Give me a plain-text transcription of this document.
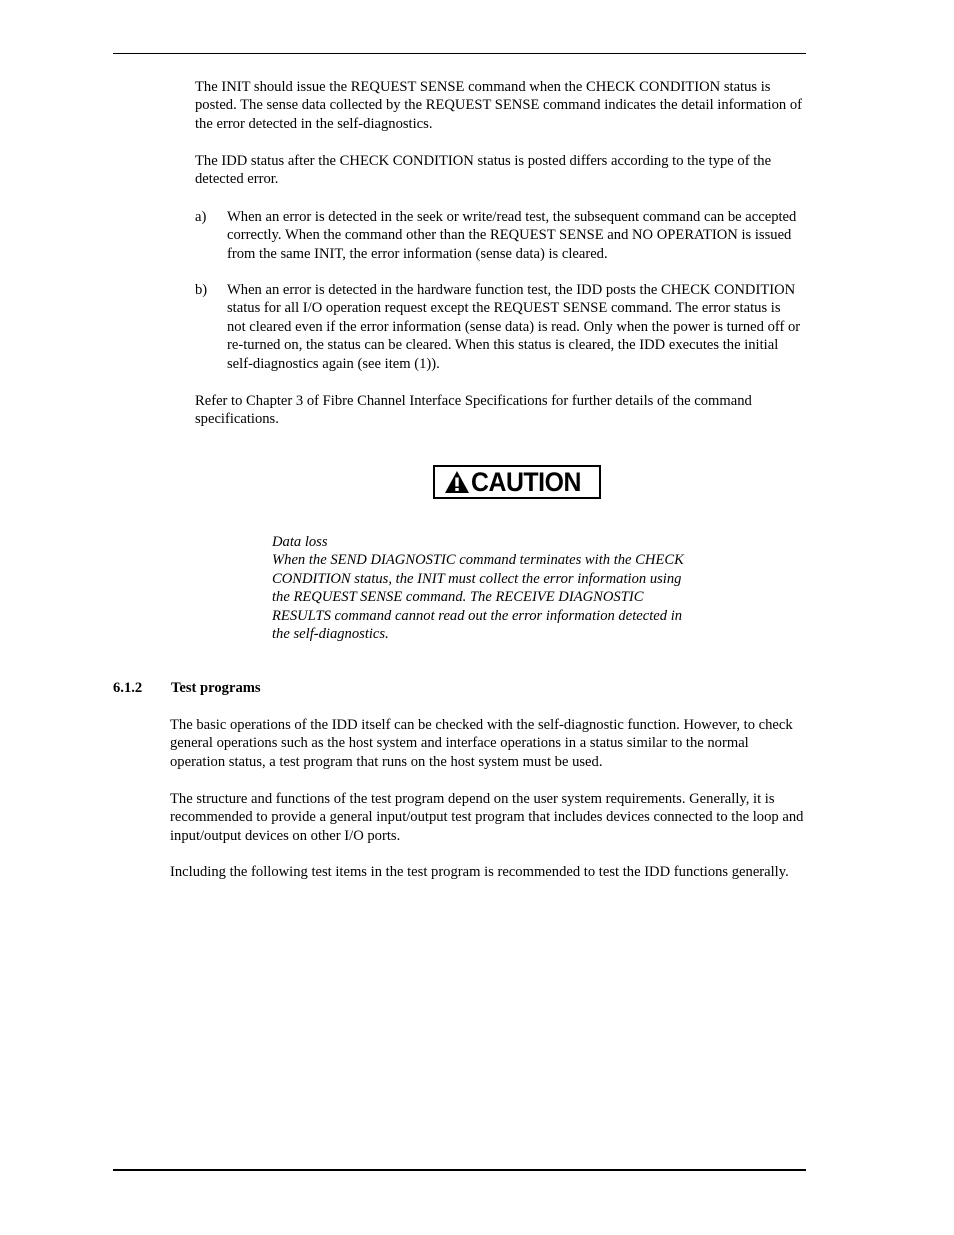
The INIT should issue the REQUEST SENSE command when the CHECK CONDITION status is posted. The sense data collected by the REQUEST SENSE command indicates the detail information of the error detected in the self-diagnostics.

The IDD status after the CHECK CONDITION status is posted differs according to the type of the detected error.

a) When an error is detected in the seek or write/read test, the subsequent command can be accepted correctly. When the command other than the REQUEST SENSE and NO OPERATION is issued from the same INIT, the error information (sense data) is cleared.
b) When an error is detected in the hardware function test, the IDD posts the CHECK CONDITION status for all I/O operation request except the REQUEST SENSE command. The error status is not cleared even if the error information (sense data) is read. Only when the power is turned off or re-turned on, the status can be cleared. When this status is cleared, the IDD executes the initial self-diagnostics again (see item (1)).

Refer to Chapter 3 of Fibre Channel Interface Specifications for further details of the command specifications.

CAUTION
Data loss
When the SEND DIAGNOSTIC command terminates with the CHECK
CONDITION status, the INIT must collect the error information using
the REQUEST SENSE command. The RECEIVE DIAGNOSTIC
RESULTS command cannot read out the error information detected in
the self-diagnostics.
6.1.2 Test programs

The basic operations of the IDD itself can be checked with the self-diagnostic function. However, to check general operations such as the host system and interface operations in a status similar to the normal operation status, a test program that runs on the host system must be used.

The structure and functions of the test program depend on the user system requirements. Generally, it is recommended to provide a general input/output test program that includes devices connected to the loop and input/output devices on other I/O ports.

Including the following test items in the test program is recommended to test the IDD functions generally.
